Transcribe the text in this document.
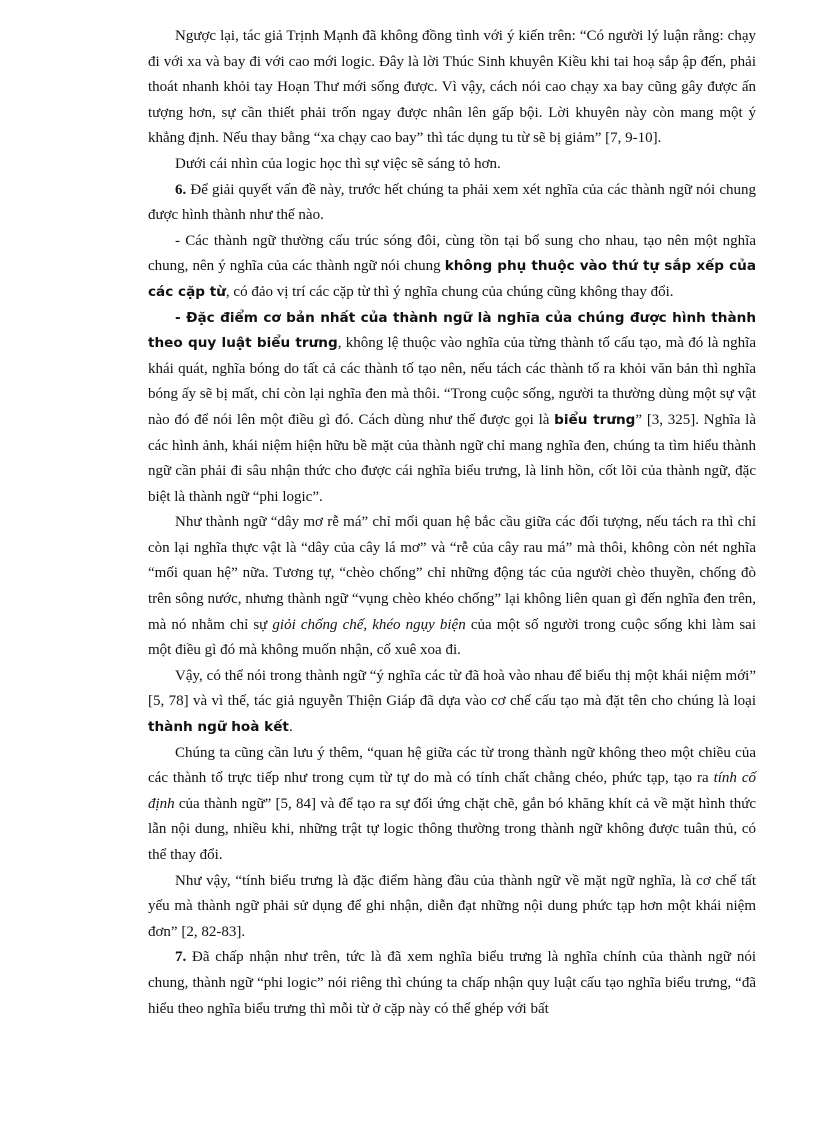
Ngược lại, tác giả Trịnh Mạnh đã không đồng tình với ý kiến trên: “Có người lý luận rằng: chạy đi với xa và bay đi với cao mới logic. Đây là lời Thúc Sinh khuyên Kiều khi tai hoạ sắp ập đến, phải thoát nhanh khỏi tay Hoạn Thư mới sống được. Vì vậy, cách nói cao chạy xa bay cũng gây được ấn tượng hơn, sự cần thiết phải trốn ngay được nhân lên gấp bội. Lời khuyên này còn mang một ý khẳng định. Nếu thay bằng “xa chạy cao bay” thì tác dụng tu từ sẽ bị giảm” [7, 9-10].

Dưới cái nhìn của logic học thì sự việc sẽ sáng tỏ hơn.

6. Để giải quyết vấn đề này, trước hết chúng ta phải xem xét nghĩa của các thành ngữ nói chung được hình thành như thế nào.

- Các thành ngữ thường cấu trúc sóng đôi, cùng tồn tại bổ sung cho nhau, tạo nên một nghĩa chung, nên ý nghĩa của các thành ngữ nói chung không phụ thuộc vào thứ tự sắp xếp của các cặp từ, có đảo vị trí các cặp từ thì ý nghĩa chung của chúng cũng không thay đổi.

- Đặc điểm cơ bản nhất của thành ngữ là nghĩa của chúng được hình thành theo quy luật biểu trưng, không lệ thuộc vào nghĩa của từng thành tố cấu tạo, mà đó là nghĩa khái quát, nghĩa bóng do tất cả các thành tố tạo nên, nếu tách các thành tố ra khỏi văn bản thì nghĩa bóng ấy sẽ bị mất, chỉ còn lại nghĩa đen mà thôi. “Trong cuộc sống, người ta thường dùng một sự vật nào đó để nói lên một điều gì đó. Cách dùng như thế được gọi là biểu trưng” [3, 325]. Nghĩa là các hình ảnh, khái niệm hiện hữu bề mặt của thành ngữ chỉ mang nghĩa đen, chúng ta tìm hiểu thành ngữ cần phải đi sâu nhận thức cho được cái nghĩa biểu trưng, là linh hồn, cốt lõi của thành ngữ, đặc biệt là thành ngữ “phi logic”.

Như thành ngữ “dây mơ rễ má” chỉ mối quan hệ bắc cầu giữa các đối tượng, nếu tách ra thì chỉ còn lại nghĩa thực vật là “dây của cây lá mơ” và “rễ của cây rau má” mà thôi, không còn nét nghĩa “mối quan hệ” nữa. Tương tự, “chèo chống” chỉ những động tác của người chèo thuyền, chống đò trên sông nước, nhưng thành ngữ “vụng chèo khéo chống” lại không liên quan gì đến nghĩa đen trên, mà nó nhằm chỉ sự giỏi chống chế, khéo ngụy biện của một số người trong cuộc sống khi làm sai một điều gì đó mà không muốn nhận, cố xuê xoa đi.

Vậy, có thể nói trong thành ngữ “ý nghĩa các từ đã hoà vào nhau để biểu thị một khái niệm mới” [5, 78] và vì thế, tác giả nguyễn Thiện Giáp đã dựa vào cơ chế cấu tạo mà đặt tên cho chúng là loại thành ngữ hoà kết.

Chúng ta cũng cần lưu ý thêm, “quan hệ giữa các từ trong thành ngữ không theo một chiều của các thành tố trực tiếp như trong cụm từ tự do mà có tính chất chằng chéo, phức tạp, tạo ra tính cố định của thành ngữ” [5, 84] và để tạo ra sự đối ứng chặt chẽ, gắn bó khăng khít cả về mặt hình thức lẫn nội dung, nhiều khi, những trật tự logic thông thường trong thành ngữ không được tuân thủ, có thể thay đổi.

Như vậy, “tính biểu trưng là đặc điểm hàng đầu của thành ngữ về mặt ngữ nghĩa, là cơ chế tất yếu mà thành ngữ phải sử dụng để ghi nhận, diễn đạt những nội dung phức tạp hơn một khái niệm đơn” [2, 82-83].

7. Đã chấp nhận như trên, tức là đã xem nghĩa biểu trưng là nghĩa chính của thành ngữ nói chung, thành ngữ “phi logic” nói riêng thì chúng ta chấp nhận quy luật cấu tạo nghĩa biểu trưng, “đã hiểu theo nghĩa biểu trưng thì mỗi từ ở cặp này có thể ghép với bất
